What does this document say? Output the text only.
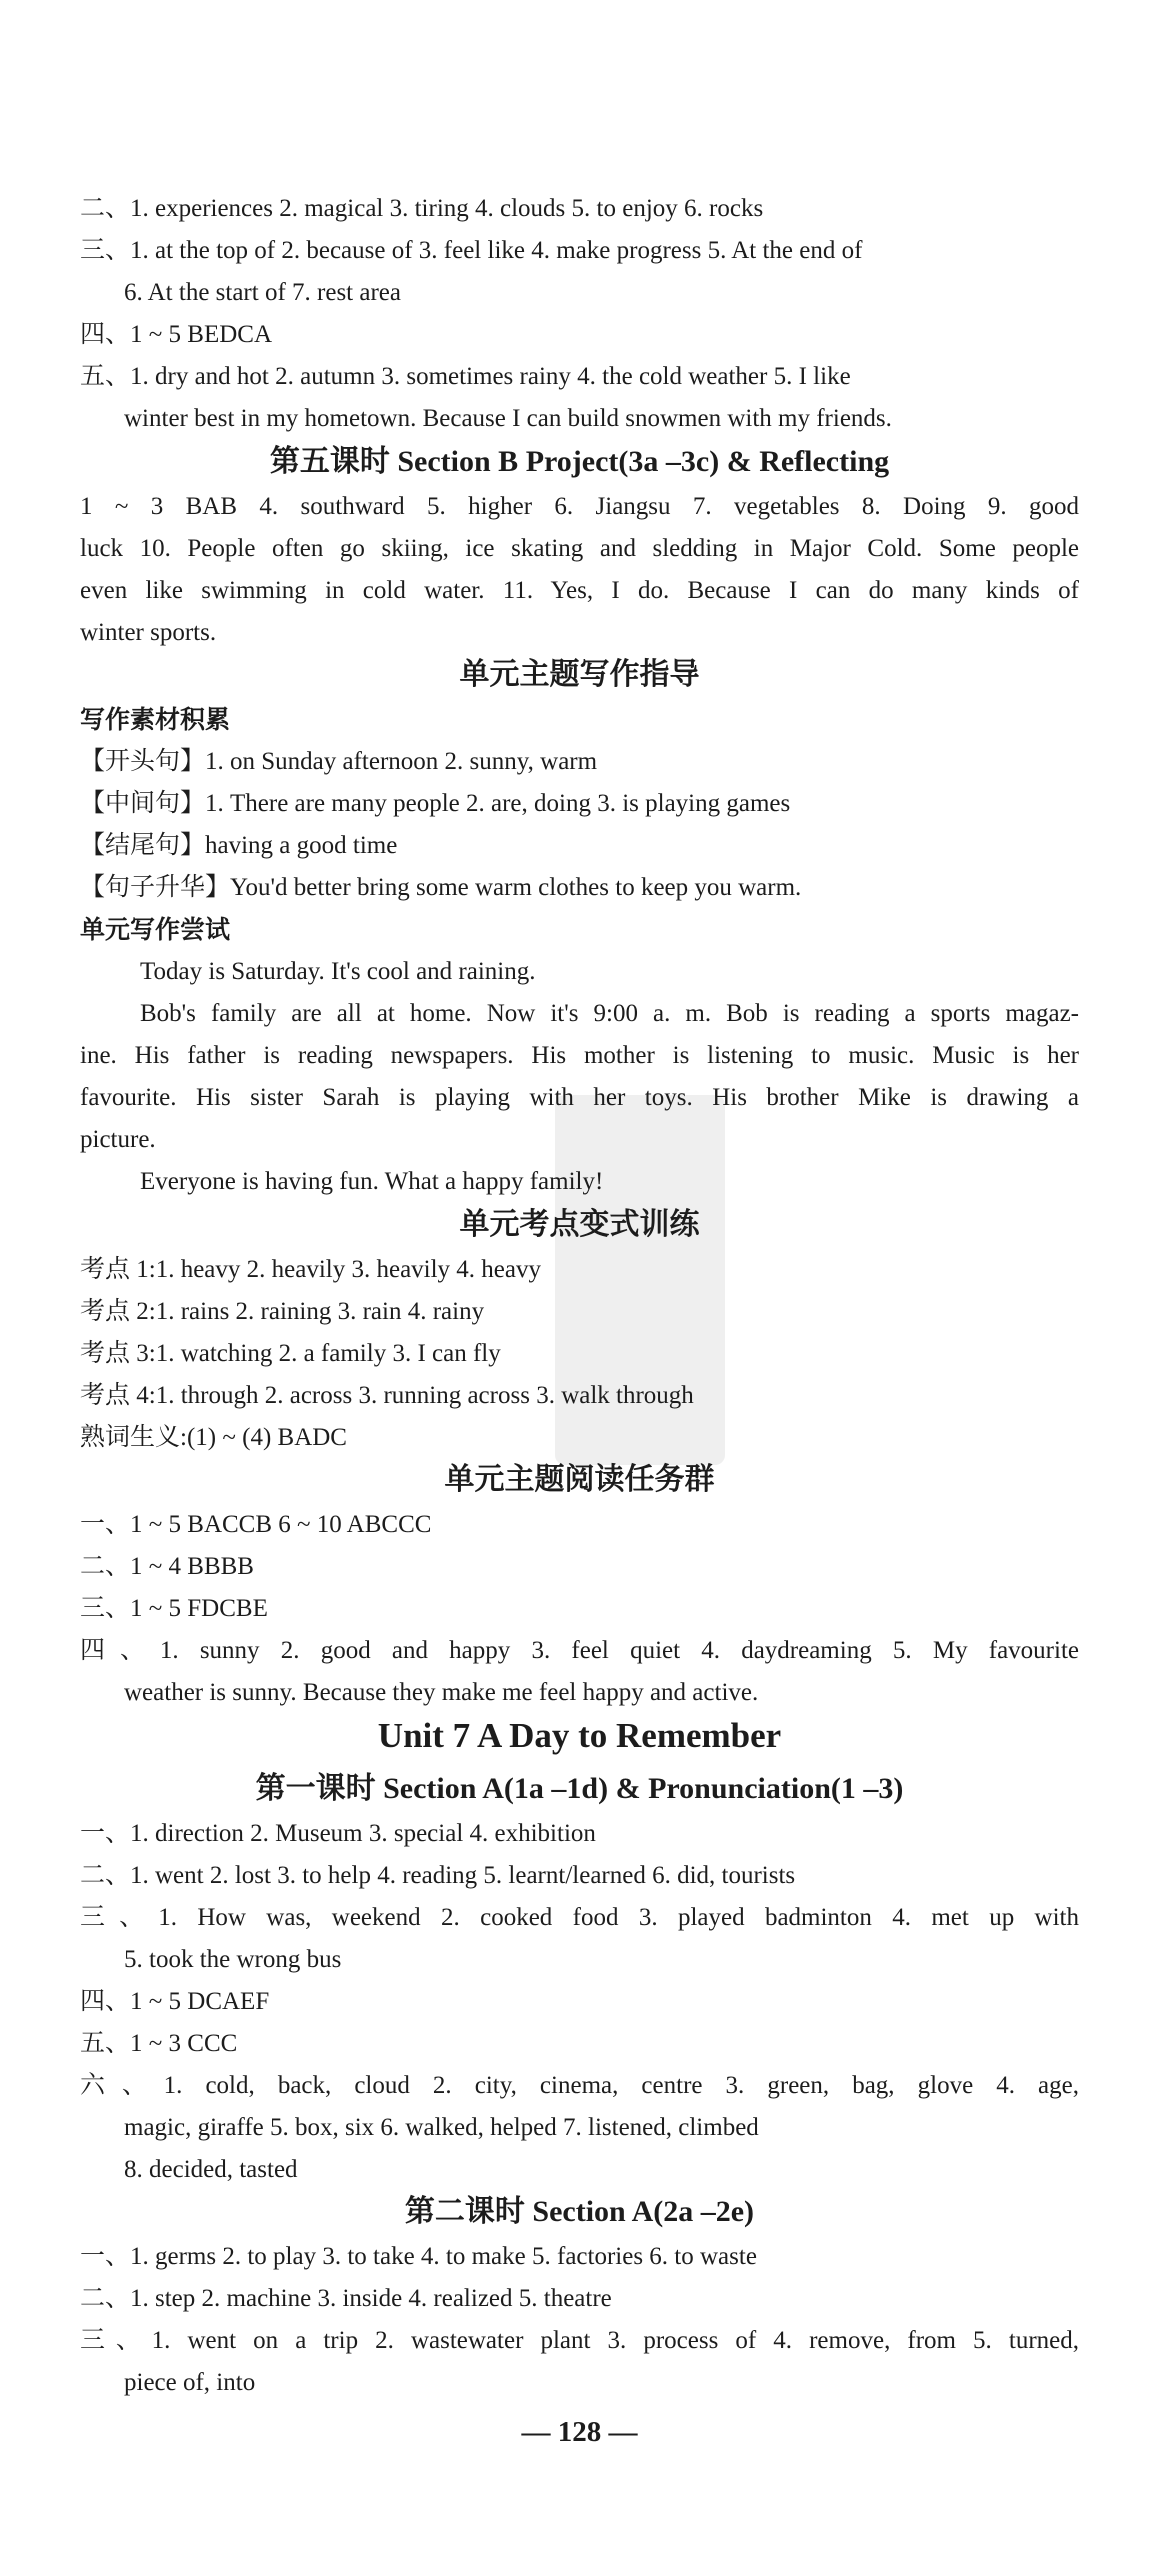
二、1. experiences 2. magical 3. tiring 4. clouds 5. to enjoy 6. rocks
三、1. at the top of 2. because of 3. feel like 4. make progress 5. At the end of
6. At the start of 7. rest area
四、1 ~ 5 BEDCA
五、1. dry and hot 2. autumn 3. sometimes rainy 4. the cold weather 5. I like
winter best in my hometown. Because I can build snowmen with my friends.
第五课时 Section B Project(3a –3c) & Reflecting
1 ~ 3 BAB 4. southward 5. higher 6. Jiangsu 7. vegetables 8. Doing 9. good
luck 10. People often go skiing, ice skating and sledding in Major Cold. Some people
even like swimming in cold water. 11. Yes, I do. Because I can do many kinds of
winter sports.
单元主题写作指导
写作素材积累
【开头句】1. on Sunday afternoon 2. sunny, warm
【中间句】1. There are many people 2. are, doing 3. is playing games
【结尾句】having a good time
【句子升华】You'd better bring some warm clothes to keep you warm.
单元写作尝试
Today is Saturday. It's cool and raining.
Bob's family are all at home. Now it's 9:00 a. m. Bob is reading a sports magaz-
ine. His father is reading newspapers. His mother is listening to music. Music is her
favourite. His sister Sarah is playing with her toys. His brother Mike is drawing a
picture.
Everyone is having fun. What a happy family!
单元考点变式训练
考点 1:1. heavy 2. heavily 3. heavily 4. heavy
考点 2:1. rains 2. raining 3. rain 4. rainy
考点 3:1. watching 2. a family 3. I can fly
考点 4:1. through 2. across 3. running across 3. walk through
熟词生义:(1) ~ (4) BADC
单元主题阅读任务群
一、1 ~ 5 BACCB 6 ~ 10 ABCCC
二、1 ~ 4 BBBB
三、1 ~ 5 FDCBE
四、1. sunny 2. good and happy 3. feel quiet 4. daydreaming 5. My favourite
weather is sunny. Because they make me feel happy and active.
Unit 7 A Day to Remember
第一课时 Section A(1a –1d) & Pronunciation(1 –3)
一、1. direction 2. Museum 3. special 4. exhibition
二、1. went 2. lost 3. to help 4. reading 5. learnt/learned 6. did, tourists
三、1. How was, weekend 2. cooked food 3. played badminton 4. met up with
5. took the wrong bus
四、1 ~ 5 DCAEF
五、1 ~ 3 CCC
六、1. cold, back, cloud 2. city, cinema, centre 3. green, bag, glove 4. age,
magic, giraffe 5. box, six 6. walked, helped 7. listened, climbed
8. decided, tasted
第二课时 Section A(2a –2e)
一、1. germs 2. to play 3. to take 4. to make 5. factories 6. to waste
二、1. step 2. machine 3. inside 4. realized 5. theatre
三、1. went on a trip 2. wastewater plant 3. process of 4. remove, from 5. turned,
piece of, into
— 128 —
